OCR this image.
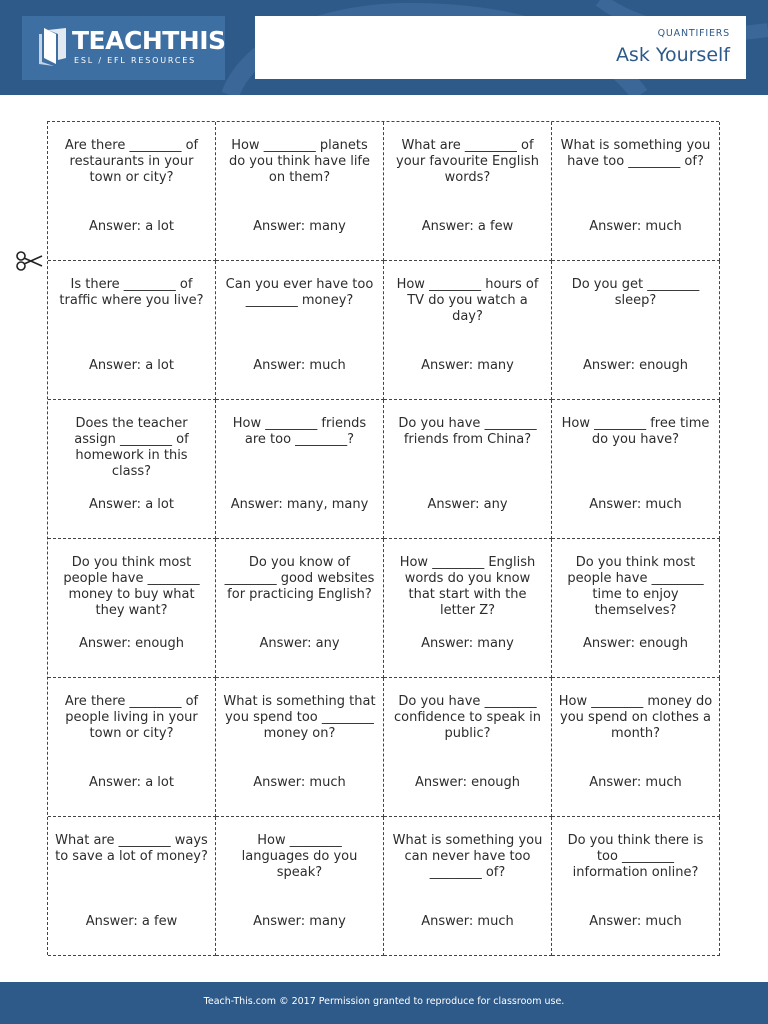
TEACHTHIS
ESL / EFL RESOURCES
QUANTIFIERS
Ask Yourself
Are there ________ of restaurants in your town or city?
Answer: a lot
How ________ planets do you think have life on them?
Answer: many
What are ________ of your favourite English words?
Answer: a few
What is something you have too ________ of?
Answer: much
Is there ________ of traffic where you live?
Answer: a lot
Can you ever have too ________ money?
Answer: much
How ________ hours of TV do you watch a day?
Answer: many
Do you get ________ sleep?
Answer: enough
Does the teacher assign ________ of homework in this class?
Answer: a lot
How ________ friends are too ________?
Answer: many, many
Do you have ________ friends from China?
Answer: any
How ________ free time do you have?
Answer: much
Do you think most people have ________ money to buy what they want?
Answer: enough
Do you know of ________ good websites for practicing English?
Answer: any
How ________ English words do you know that start with the letter Z?
Answer: many
Do you think most people have ________ time to enjoy themselves?
Answer: enough
Are there ________ of people living in your town or city?
Answer: a lot
What is something that you spend too ________ money on?
Answer: much
Do you have ________ confidence to speak in public?
Answer: enough
How ________ money do you spend on clothes a month?
Answer: much
What are ________ ways to save a lot of money?
Answer: a few
How ________ languages do you speak?
Answer: many
What is something you can never have too ________ of?
Answer: much
Do you think there is too ________ information online?
Answer: much
Teach-This.com © 2017 Permission granted to reproduce for classroom use.
